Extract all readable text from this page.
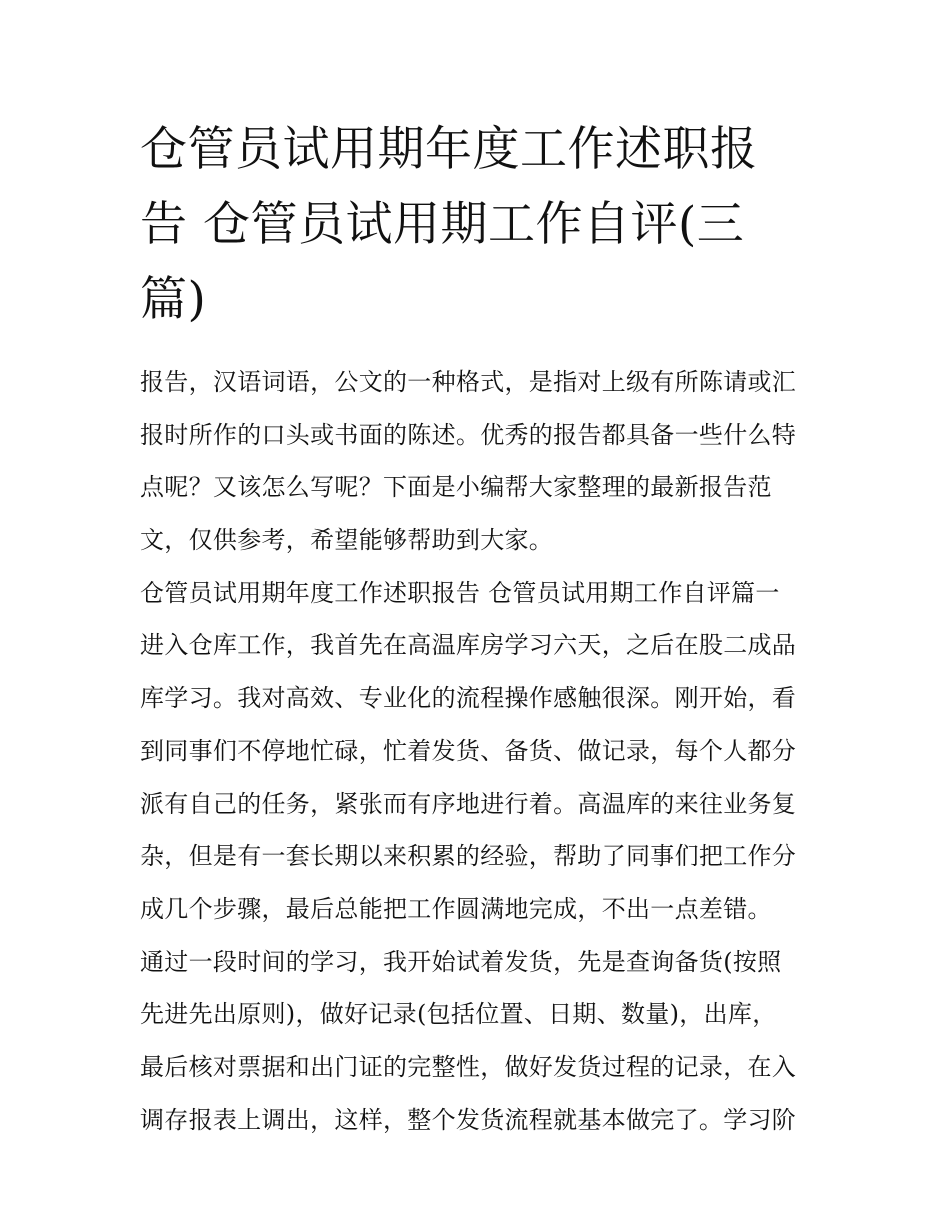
仓管员试用期年度工作述职报
告 仓管员试用期工作自评(三
篇)
报告，汉语词语，公文的一种格式，是指对上级有所陈请或汇
报时所作的口头或书面的陈述。优秀的报告都具备一些什么特
点呢？又该怎么写呢？下面是小编帮大家整理的最新报告范
文，仅供参考，希望能够帮助到大家。
仓管员试用期年度工作述职报告 仓管员试用期工作自评篇一
进入仓库工作，我首先在高温库房学习六天，之后在股二成品
库学习。我对高效、专业化的流程操作感触很深。刚开始，看
到同事们不停地忙碌，忙着发货、备货、做记录，每个人都分
派有自己的任务，紧张而有序地进行着。高温库的来往业务复
杂，但是有一套长期以来积累的经验，帮助了同事们把工作分
成几个步骤，最后总能把工作圆满地完成，不出一点差错。
通过一段时间的学习，我开始试着发货，先是查询备货(按照
先进先出原则)，做好记录(包括位置、日期、数量)，出库，
最后核对票据和出门证的完整性，做好发货过程的记录，在入
调存报表上调出，这样，整个发货流程就基本做完了。学习阶
